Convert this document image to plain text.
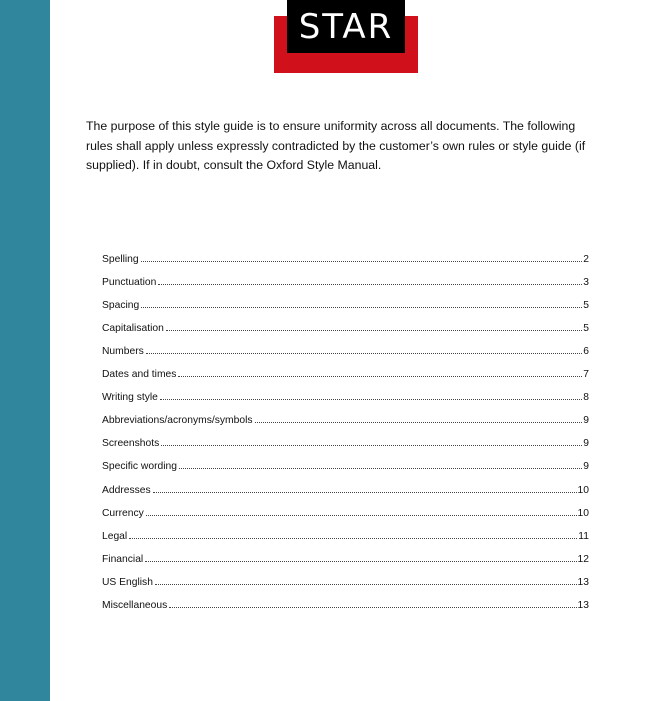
STAR

The purpose of this style guide is to ensure uniformity across all documents. The following rules shall apply unless expressly contradicted by the customer’s own rules or style guide (if supplied). If in doubt, consult the Oxford Style Manual.

Spelling	2
Punctuation	3
Spacing	5
Capitalisation	5
Numbers	6
Dates and times	7
Writing style	8
Abbreviations/acronyms/symbols	9
Screenshots	9
Specific wording	9
Addresses	10
Currency	10
Legal	11
Financial	12
US English	13
Miscellaneous	13
